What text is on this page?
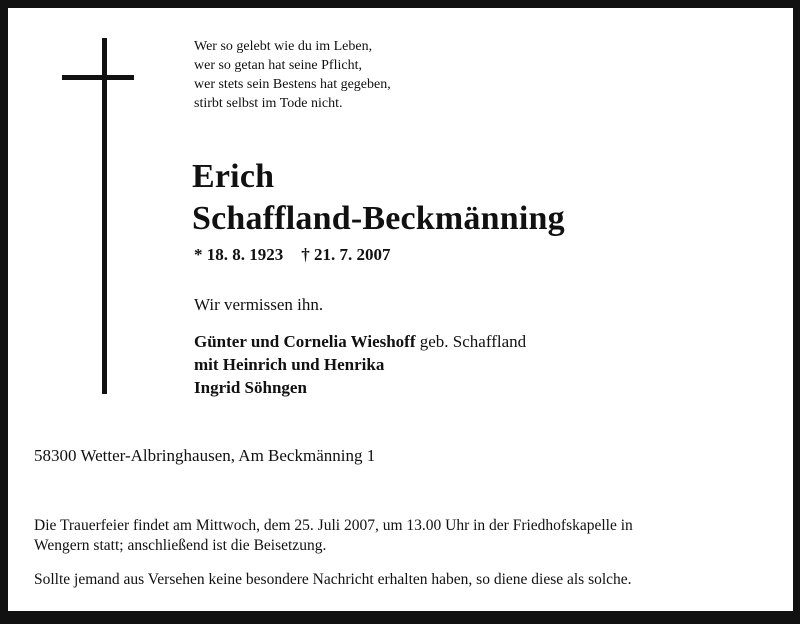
Wer so gelebt wie du im Leben,
wer so getan hat seine Pflicht,
wer stets sein Bestens hat gegeben,
stirbt selbst im Tode nicht.
Erich
Schaffland-Beckmänning
* 18. 8. 1923 † 21. 7. 2007
Wir vermissen ihn.
Günter und Cornelia Wieshoff geb. Schaffland
mit Heinrich und Henrika
Ingrid Söhngen
58300 Wetter-Albringhausen, Am Beckmänning 1
Die Trauerfeier findet am Mittwoch, dem 25. Juli 2007, um 13.00 Uhr in der Friedhofskapelle in
Wengern statt; anschließend ist die Beisetzung.
Sollte jemand aus Versehen keine besondere Nachricht erhalten haben, so diene diese als solche.
